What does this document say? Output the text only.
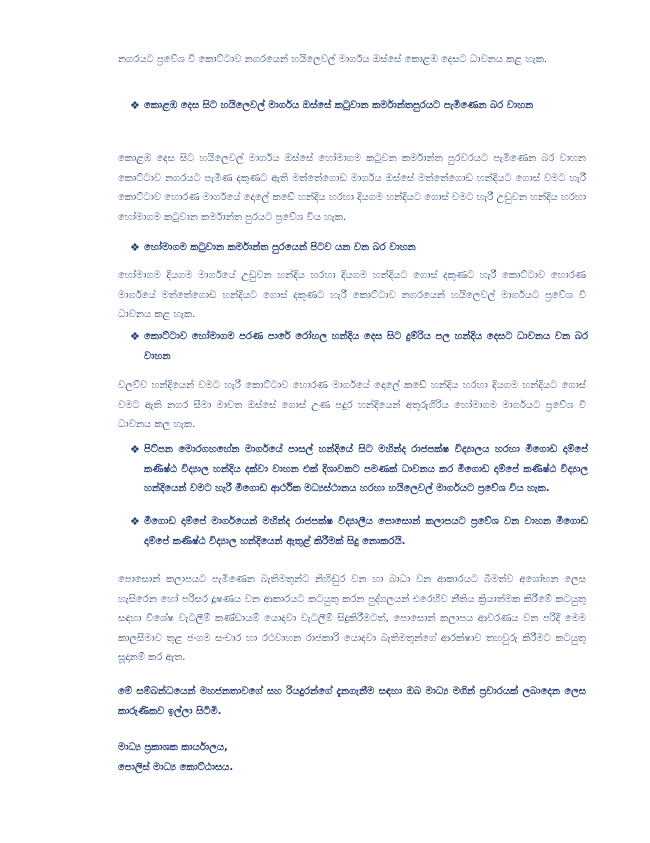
නගරයට ප්‍රවේශ වී කොට්ටාව නගරයෙන් හයිලෙවල් මාර්ගය ඔස්සේ කොළඹ දෙසට ධාවනය කළ හැක.

❖ කොළඹ දෙස සිට හයිලෙවල් මාර්ගය ඔස්සේ කටුවාන කර්මාන්තපුරයට පැමිණෙන බර වාහන

කොළඹ දෙස සිට හයිලෙවල් මාර්ගය ඔස්සේ හෝමාගම කටුවන කර්මාන්ත පුරවරයට පැමිණෙන බර වාහන කොට්ටාව නගරයට පැමිණ දකුණට ඇති මත්තේගොඩ මාර්ගය ඔස්සේ මත්තේගොඩ හන්දියට ගොස් වමට හැරී කොට්ටාව හොරණ මාර්ගයේ දොලේ කඩේ හන්දිය හරහා දියගම හන්දියට ගොස් වමට හැරී උඩුවන හන්දිය හරහා හෝමාගම කටුවාන කර්මාන්ත පුරයට ප්‍රවේශ විය හැක.

❖ හෝමාගම කටුවාන කර්මාන්ත පුරයෙන් පිටව යන වන බර වාහන

හෝමාගම දියගම මාර්ගයේ උඩුවන හන්දිය හරහා දියගම හන්දියට ගොස් දකුණට හැරී කොට්ටාව හොරණ මාර්ගයේ මත්තේගොඩ හන්දියට ගොස් දකුණට හැරී කොට්ටාව නගරයෙන් හයිලෙවල් මාර්ගයට ප්‍රවේශ වී ධාවනය කළ හැක.

❖ කොට්ටාව හෝමාගම පරණ පාරේ රෝහල හන්දිය දෙස සිට දුම්රිය පල හන්දිය දෙසට ධාවනය වන බර වාහන

වලව්ව හන්දියෙන් වමට හැරී කොට්ටාව හොරණ මාර්ගයේ දොලේ කඩේ හන්දිය හරහා දියගම හන්දියට ගොස් වමට ඇති නගර සීමා මාවත ඔස්සේ ගොස් උණ පදුර හන්දියෙන් අතුරුගිරිය හෝමාගම මාර්ගයට ප්‍රවේශ වී ධාවනය කල හැක.

❖ පිට්පන මොරගහහේන මාර්ගයේ පාසල් හන්දියේ සිට මහින්ද රාජපක්ෂ විද්‍යාලය හරහා මීගොඩ දාම්පේ කණිෂ්ඨ විද්‍යාල හන්දිය දක්වා වාහන එක් දිශාවකට පමණක් ධාවනය කර මීගොඩ දාම්පේ කණිෂ්ඨ විද්‍යාල හන්දියෙන් වමට හැරී මීගොඩ ආර්ථික මධ්‍යස්ථානය හරහා හයිලෙවල් මාර්ගයට ප්‍රවේශ විය හැක.
❖ මීගොඩ දාම්පේ මාර්ගයෙන් මහින්ද රාජපක්ෂ විද්‍යාලීය පොසොන් කලාපයට ප්‍රවේශ වන වාහන මීගොඩ දාම්පේ කණිෂ්ඨ විද්‍යාල හන්දියෙන් ඇතුළ් කිරීමක් සිදු නොකරයි.

පොසොන් කලාපයට පැමිණෙන බැතිමතුන්ට නිහිඬුර වන හා බාධා වන ආකාරයට බීමත්ව අශෝභන ලෙස හැසිරෙන හෝ පරිසර දූෂණය වන ආකාරයට කටයුතු කරන පුද්ගලයන් එරෙහිව නීතිය ක්‍රියාත්මක කිරීමේ කටයුතු සඳහා විශේෂ වැටලීම් කණ්ඩායම් යොදවා වැටලීම් සිදුකිරීමටත්, පොසොන් කලාපය ආවරණය වන පරිදි මෙම කාලසීමාව තුළ ජංගම සංචාර හා රථවාහන රාජකාරි යොදවා බැතිමතුන්ගේ ආරක්ෂාව තහවුරු කිරීමට කටයුතු සූදානම් කර ඇත.

මේ සම්බන්ධයෙන් මහජනතාවගේ සහ රියදුරන්ගේ දැනගැනීම සඳහා ඔබ මාධ්‍ය මගින් ප්‍රචාරයක් ලබාදෙන ලෙස කාරුණිකව ඉල්ලා සිටිමි.

මාධ්‍ය ප්‍රකාශක කාර්යාලය,
පොලිස් මාධ්‍ය කොට්ඨාසය.
